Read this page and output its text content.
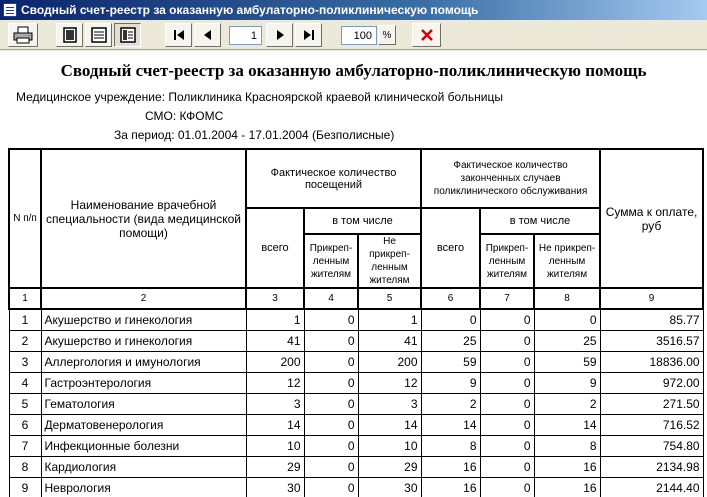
Сводный счет-реестр за оказанную амбулаторно-поликлиническую помощь
1	100	%
Сводный счет-реестр за оказанную амбулаторно-поликлиническую помощь
Медицинское учреждение: Поликлиника Красноярской краевой клинической больницы
СМО: КФОМС
За период: 01.01.2004 - 17.01.2004 (Безполисные)
N п/п	Наименование врачебной специальности (вида медицинской помощи)	Фактическое количество посещений			Фактическое количество законченных случаев поликлинического обслуживания			Сумма к оплате, руб
		всего	в том числе		всего	в том числе		
			Прикреп-ленным жителям	Не прикреп-ленным жителям		Прикреп-ленным жителям	Не прикреп-ленным жителям	
1	2	3	4	5	6	7	8	9
1	Акушерство и гинекология	1	0	1	0	0	0	85.77
2	Акушерство и гинекология	41	0	41	25	0	25	3516.57
3	Аллергология и имунология	200	0	200	59	0	59	18836.00
4	Гастроэнтерология	12	0	12	9	0	9	972.00
5	Гематология	3	0	3	2	0	2	271.50
6	Дерматовенерология	14	0	14	14	0	14	716.52
7	Инфекционные болезни	10	0	10	8	0	8	754.80
8	Кардиология	29	0	29	16	0	16	2134.98
9	Неврология	30	0	30	16	0	16	2144.40
